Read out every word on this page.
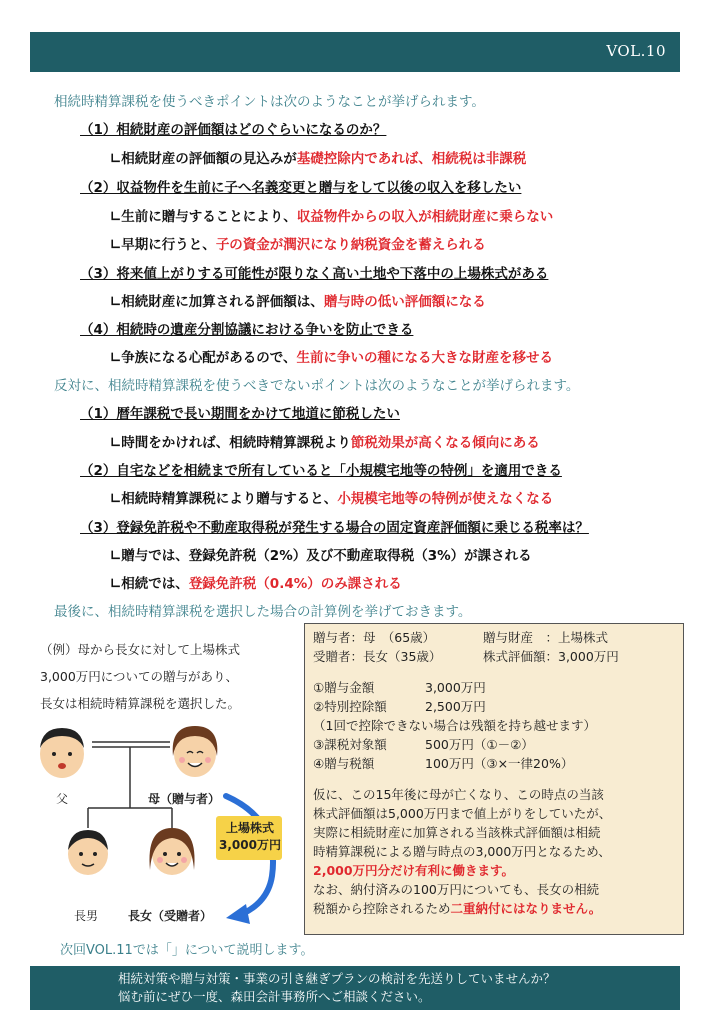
VOL.10
相続時精算課税を使うべきポイントは次のようなことが挙げられます。
（1）相続財産の評価額はどのぐらいになるのか？
∟相続財産の評価額の見込みが基礎控除内であれば、相続税は非課税
（2）収益物件を生前に子へ名義変更と贈与をして以後の収入を移したい
∟生前に贈与することにより、収益物件からの収入が相続財産に乗らない
∟早期に行うと、子の資金が潤沢になり納税資金を蓄えられる
（3）将来値上がりする可能性が限りなく高い土地や下落中の上場株式がある
∟相続財産に加算される評価額は、贈与時の低い評価額になる
（4）相続時の遺産分割協議における争いを防止できる
∟争族になる心配があるので、生前に争いの種になる大きな財産を移せる
反対に、相続時精算課税を使うべきでないポイントは次のようなことが挙げられます。
（1）暦年課税で長い期間をかけて地道に節税したい
∟時間をかければ、相続時精算課税より節税効果が高くなる傾向にある
（2）自宅などを相続まで所有していると「小規模宅地等の特例」を適用できる
∟相続時精算課税により贈与すると、小規模宅地等の特例が使えなくなる
（3）登録免許税や不動産取得税が発生する場合の固定資産評価額に乗じる税率は？
∟贈与では、登録免許税（2%）及び不動産取得税（3%）が課される
∟相続では、登録免許税（0.4%）のみ課される
最後に、相続時精算課税を選択した場合の計算例を挙げておきます。
（例）母から長女に対して上場株式
3,000万円についての贈与があり、
長女は相続時精算課税を選択した。
贈与者：母　（65歳）	贈与財産　：上場株式
受贈者：長女（35歳）	株式評価額：3,000万円
①贈与金額	3,000万円
②特別控除額	2,500万円
（1回で控除できない場合は残額を持ち越せます）
③課税対象額	500万円（①－②）
④贈与税額	100万円（③×一律20%）
仮に、この15年後に母が亡くなり、この時点の当該
株式評価額は5,000万円まで値上がりをしていたが、
実際に相続財産に加算される当該株式評価額は相続
時精算課税による贈与時点の3,000万円となるため、
2,000万円分だけ有利に働きます。
なお、納付済みの100万円についても、長女の相続
税額から控除されるため二重納付にはなりません。
父	母（贈与者）
長男 長女（受贈者）
上場株式
3,000万円
次回VOL.11では「」について説明します。
相続対策や贈与対策・事業の引き継ぎプランの検討を先送りしていませんか？
悩む前にぜひ一度、森田会計事務所へご相談ください。
